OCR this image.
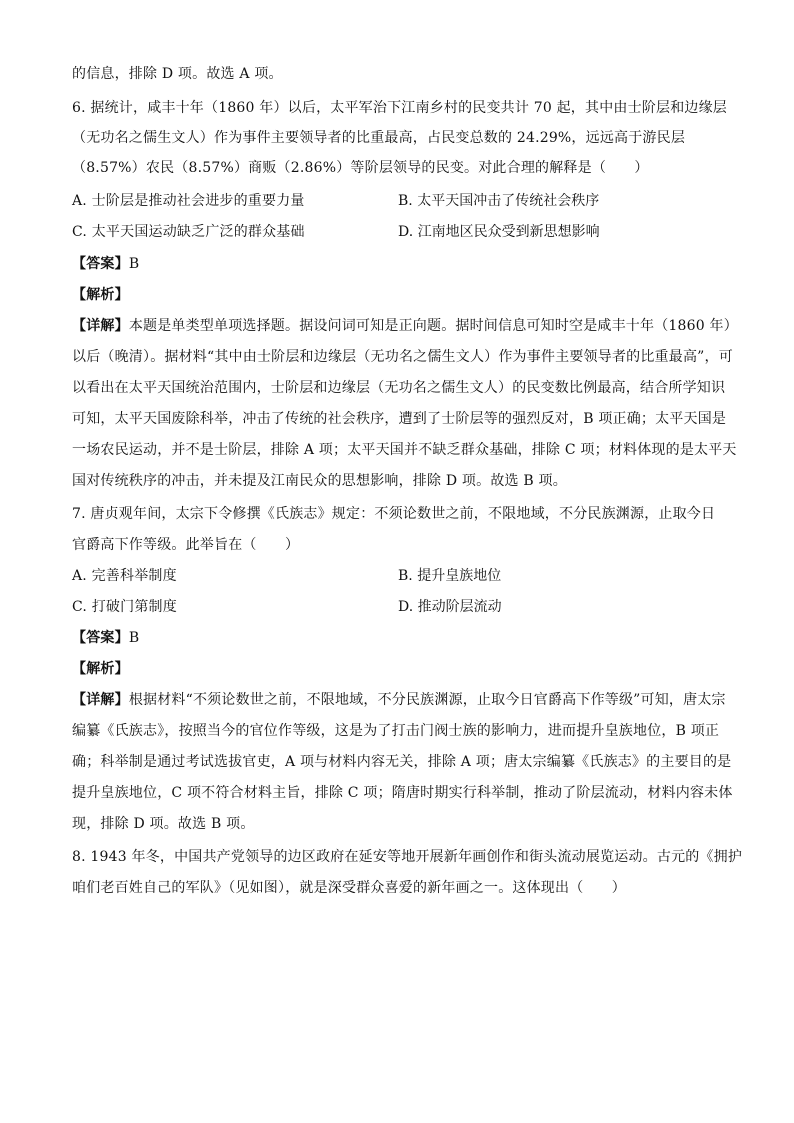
的信息，排除 D 项。故选 A 项。
6. 据统计，咸丰十年（1860 年）以后，太平军治下江南乡村的民变共计 70 起，其中由士阶层和边缘层
（无功名之儒生文人）作为事件主要领导者的比重最高，占民变总数的 24.29%，远远高于游民层
（8.57%）农民（8.57%）商贩（2.86%）等阶层领导的民变。对此合理的解释是（　　）
A. 士阶层是推动社会进步的重要力量	B. 太平天国冲击了传统社会秩序
C. 太平天国运动缺乏广泛的群众基础	D. 江南地区民众受到新思想影响
【答案】B
【解析】
【详解】本题是单类型单项选择题。据设问词可知是正向题。据时间信息可知时空是咸丰十年（1860 年）
以后（晚清）。据材料“其中由士阶层和边缘层（无功名之儒生文人）作为事件主要领导者的比重最高”，可
以看出在太平天国统治范围内，士阶层和边缘层（无功名之儒生文人）的民变数比例最高，结合所学知识
可知，太平天国废除科举，冲击了传统的社会秩序，遭到了士阶层等的强烈反对，B 项正确；太平天国是
一场农民运动，并不是士阶层，排除 A 项；太平天国并不缺乏群众基础，排除 C 项；材料体现的是太平天
国对传统秩序的冲击，并未提及江南民众的思想影响，排除 D 项。故选 B 项。
7. 唐贞观年间，太宗下令修撰《氏族志》规定：不须论数世之前，不限地域，不分民族渊源，止取今日
官爵高下作等级。此举旨在（　　）
A. 完善科举制度	B. 提升皇族地位
C. 打破门第制度	D. 推动阶层流动
【答案】B
【解析】
【详解】根据材料“不须论数世之前，不限地域，不分民族渊源，止取今日官爵高下作等级”可知，唐太宗
编纂《氏族志》，按照当今的官位作等级，这是为了打击门阀士族的影响力，进而提升皇族地位，B 项正
确；科举制是通过考试选拔官吏，A 项与材料内容无关，排除 A 项；唐太宗编纂《氏族志》的主要目的是
提升皇族地位，C 项不符合材料主旨，排除 C 项；隋唐时期实行科举制，推动了阶层流动，材料内容未体
现，排除 D 项。故选 B 项。
8. 1943 年冬，中国共产党领导的边区政府在延安等地开展新年画创作和街头流动展览运动。古元的《拥护
咱们老百姓自己的军队》（见如图），就是深受群众喜爱的新年画之一。这体现出（　　）
